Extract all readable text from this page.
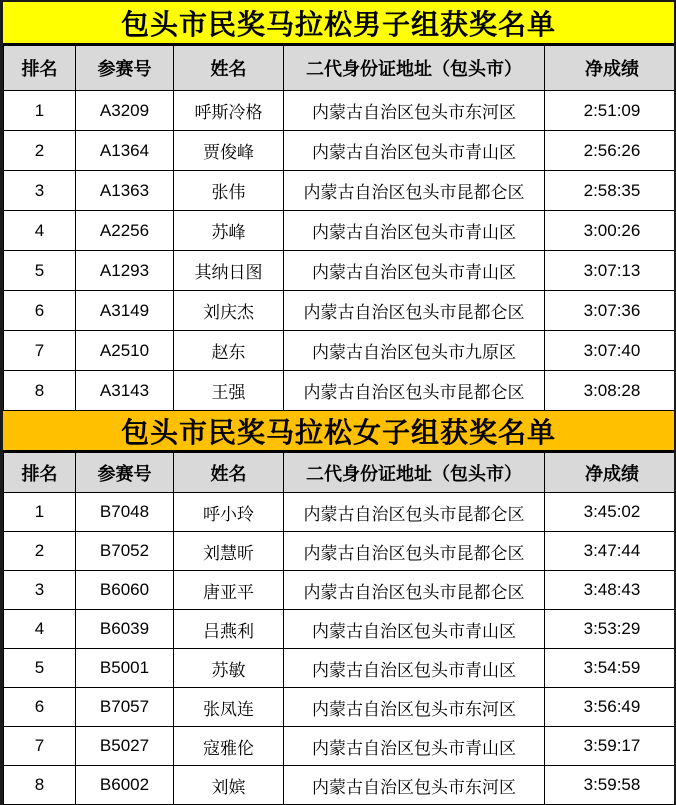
包头市民奖马拉松男子组获奖名单
排名	参赛号	姓名	二代身份证地址（包头市）	净成绩
1	A3209	呼斯冷格	内蒙古自治区包头市东河区	2:51:09
2	A1364	贾俊峰	内蒙古自治区包头市青山区	2:56:26
3	A1363	张伟	内蒙古自治区包头市昆都仑区	2:58:35
4	A2256	苏峰	内蒙古自治区包头市青山区	3:00:26
5	A1293	其纳日图	内蒙古自治区包头市青山区	3:07:13
6	A3149	刘庆杰	内蒙古自治区包头市昆都仑区	3:07:36
7	A2510	赵东	内蒙古自治区包头市九原区	3:07:40
8	A3143	王强	内蒙古自治区包头市昆都仑区	3:08:28
包头市民奖马拉松女子组获奖名单
排名	参赛号	姓名	二代身份证地址（包头市）	净成绩
1	B7048	呼小玲	内蒙古自治区包头市昆都仑区	3:45:02
2	B7052	刘慧昕	内蒙古自治区包头市昆都仑区	3:47:44
3	B6060	唐亚平	内蒙古自治区包头市昆都仑区	3:48:43
4	B6039	吕燕利	内蒙古自治区包头市青山区	3:53:29
5	B5001	苏敏	内蒙古自治区包头市青山区	3:54:59
6	B7057	张凤连	内蒙古自治区包头市东河区	3:56:49
7	B5027	寇雅伦	内蒙古自治区包头市青山区	3:59:17
8	B6002	刘嫔	内蒙古自治区包头市东河区	3:59:58
